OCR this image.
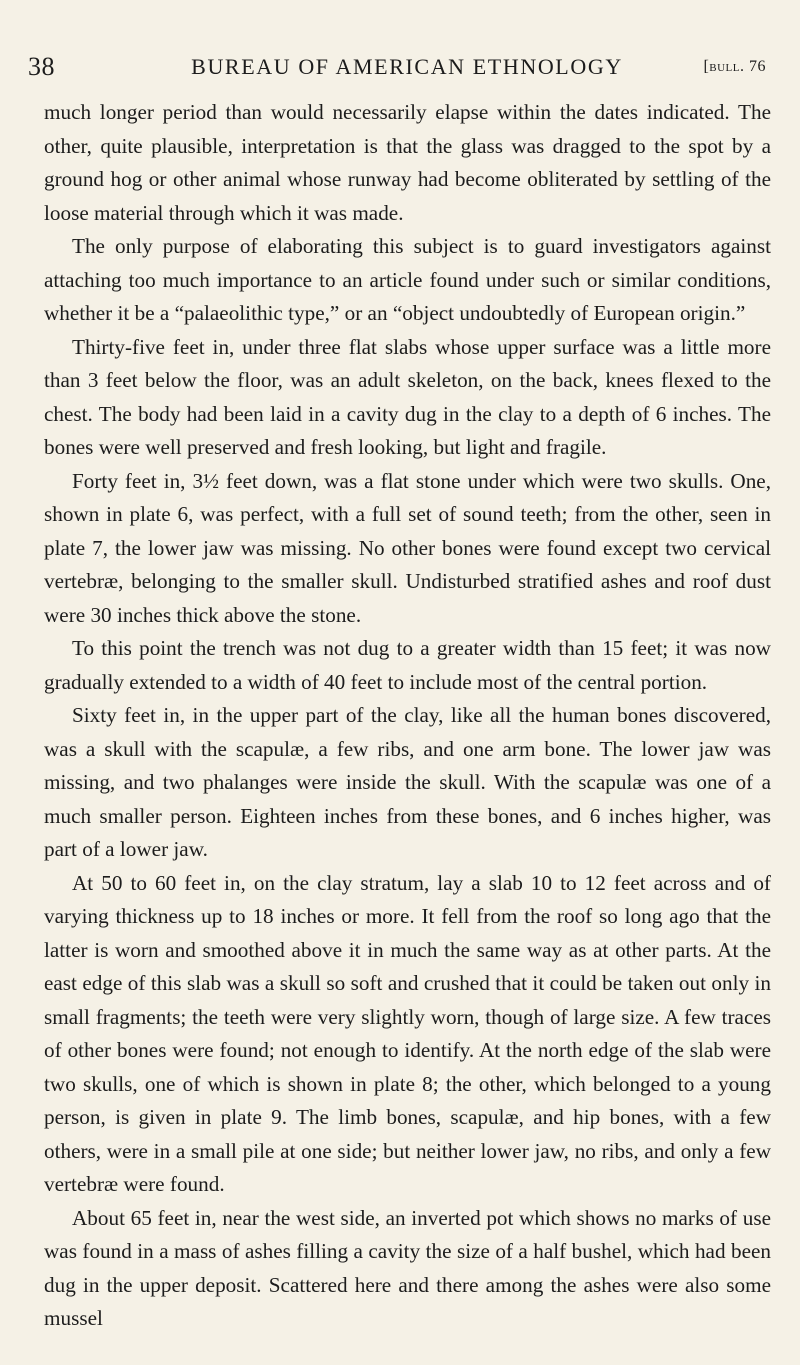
38	BUREAU OF AMERICAN ETHNOLOGY	[bull. 76

much longer period than would necessarily elapse within the dates indicated. The other, quite plausible, interpretation is that the glass was dragged to the spot by a ground hog or other animal whose runway had become obliterated by settling of the loose material through which it was made.

The only purpose of elaborating this subject is to guard investigators against attaching too much importance to an article found under such or similar conditions, whether it be a “palaeolithic type,” or an “object undoubtedly of European origin.”

Thirty-five feet in, under three flat slabs whose upper surface was a little more than 3 feet below the floor, was an adult skeleton, on the back, knees flexed to the chest. The body had been laid in a cavity dug in the clay to a depth of 6 inches. The bones were well preserved and fresh looking, but light and fragile.

Forty feet in, 3½ feet down, was a flat stone under which were two skulls. One, shown in plate 6, was perfect, with a full set of sound teeth; from the other, seen in plate 7, the lower jaw was missing. No other bones were found except two cervical vertebræ, belonging to the smaller skull. Undisturbed stratified ashes and roof dust were 30 inches thick above the stone.

To this point the trench was not dug to a greater width than 15 feet; it was now gradually extended to a width of 40 feet to include most of the central portion.

Sixty feet in, in the upper part of the clay, like all the human bones discovered, was a skull with the scapulæ, a few ribs, and one arm bone. The lower jaw was missing, and two phalanges were inside the skull. With the scapulæ was one of a much smaller person. Eighteen inches from these bones, and 6 inches higher, was part of a lower jaw.

At 50 to 60 feet in, on the clay stratum, lay a slab 10 to 12 feet across and of varying thickness up to 18 inches or more. It fell from the roof so long ago that the latter is worn and smoothed above it in much the same way as at other parts. At the east edge of this slab was a skull so soft and crushed that it could be taken out only in small fragments; the teeth were very slightly worn, though of large size. A few traces of other bones were found; not enough to identify. At the north edge of the slab were two skulls, one of which is shown in plate 8; the other, which belonged to a young person, is given in plate 9. The limb bones, scapulæ, and hip bones, with a few others, were in a small pile at one side; but neither lower jaw, no ribs, and only a few vertebræ were found.

About 65 feet in, near the west side, an inverted pot which shows no marks of use was found in a mass of ashes filling a cavity the size of a half bushel, which had been dug in the upper deposit. Scattered here and there among the ashes were also some mussel
